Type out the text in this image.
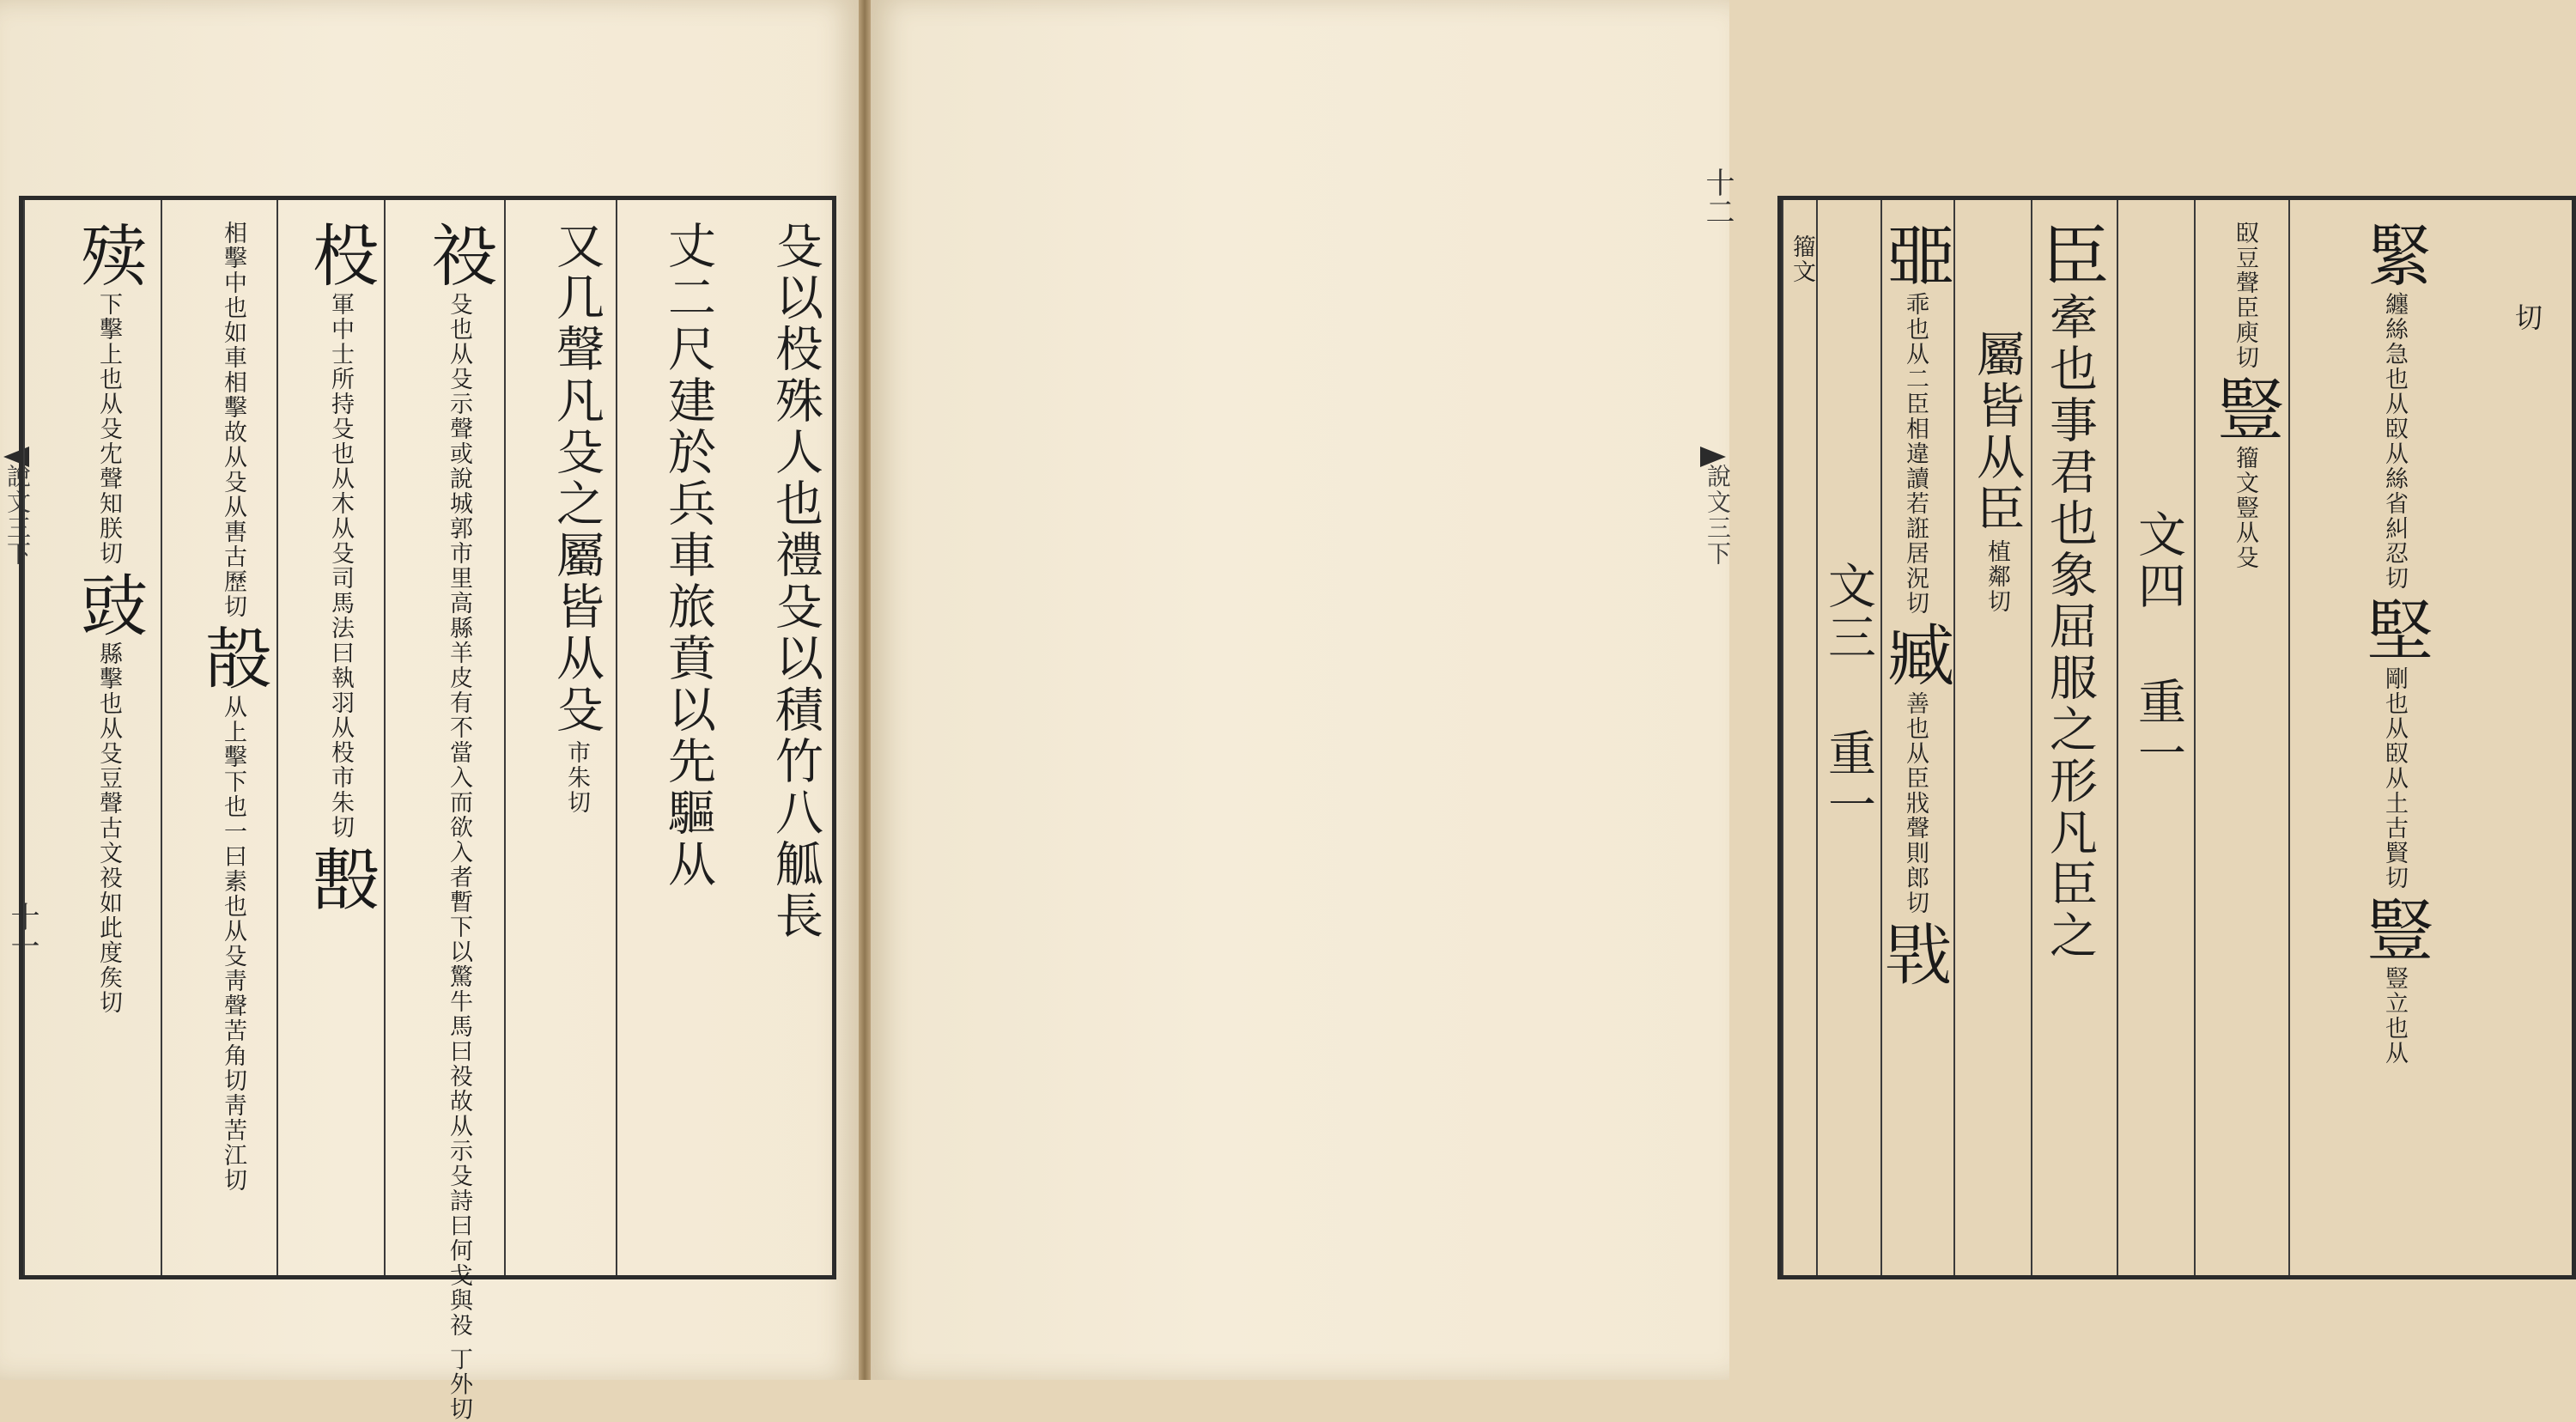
說文三下
十一	殳以杸殊人也禮殳以積竹八觚長
丈二尺建於兵車旅賁以先驅从
又几聲凡殳之屬皆从殳 市朱切
祋 殳也从殳示聲或說城郭市里高縣羊皮有不當入而欲入者暫下以驚牛馬曰祋故从示殳詩曰何戈與祋 丁外切
杸 軍中士所持殳也从木从殳司馬法曰執羽从杸市朱切 毄
相擊中也如車相擊故从殳从軎古歷切 㱿 从上擊下也一曰素也从殳靑聲苦角切靑苦江切
㱩 下擊上也从殳冘聲知朕切 豉 縣擊也从殳豆聲古文祋如此度矦切
說文三下
十二
切
緊 纏絲急也从臤从絲省糾忍切 堅 剛也从臤从土古賢切 豎 豎立也从
臤豆聲臣庾切 豎 籀文豎从殳
文四 重一
臣 牽也事君也象屈服之形凡臣之
屬皆从臣 植鄰切
臦 乖也从二臣相違讀若誑居況切 臧 善也从臣戕聲則郎切 𢧀
文三 重一
籀文
